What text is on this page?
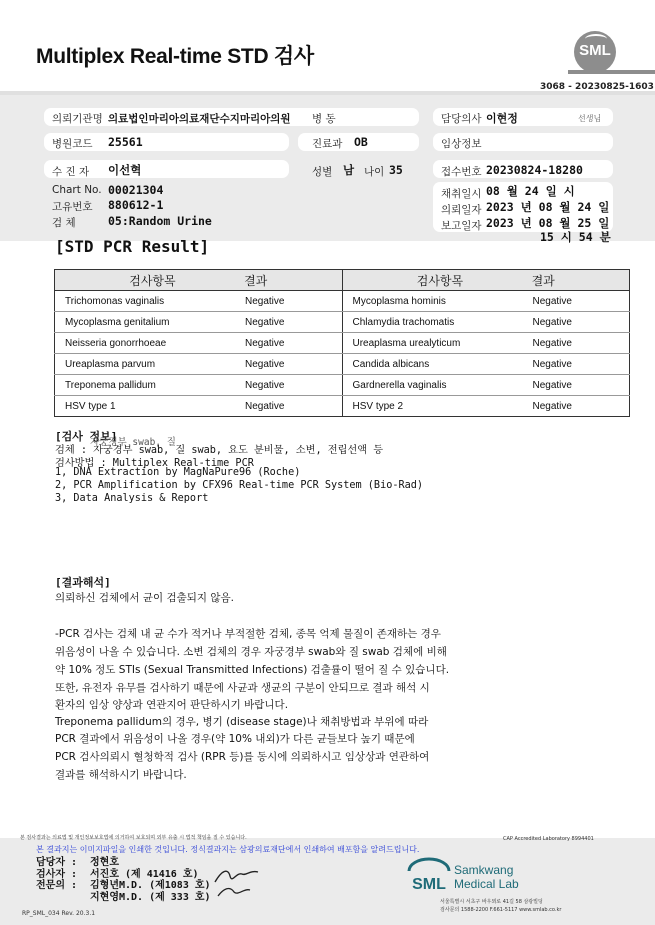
Multiplex Real-time STD 검사	SML
3068 - 20230825-1603
의뢰기관명 의료법인마리아의료재단수지마리아의원 병 동	담당의사 이현정	선생님
병원코드 25561	진료과 OB	임상정보
수 진 자 이선혁	성별 남 나이 35	접수번호 20230824-18280
Chart No. 00021304
고유번호 880612-1
검 체	05:Random Urine
채취일시 08 월 24 일 시
의뢰일자 2023 년 08 월 24 일
보고일자 2023 년 08 월 25 일
15 시 54 분
[STD PCR Result]
검사항목 결과		검사항목 결과	

Trichomonas vaginalis	Negative	Mycoplasma hominis	Negative
Mycoplasma genitalium	Negative	Chlamydia trachomatis	Negative
Neisseria gonorrhoeae	Negative	Ureaplasma urealyticum	Negative
Ureaplasma parvum	Negative	Candida albicans	Negative
Treponema pallidum	Negative	Gardnerella vaginalis	Negative
HSV type 1	Negative	HSV type 2	Negative
[검사 정보]
자궁경부 swab, 질
검체 : 자궁경부 swab, 질 swab, 요도 분비물, 소변, 전립선액 등
검사방법 : Multiplex Real-time PCR
1, DNA Extraction by MagNaPure96 (Roche)
2, PCR Amplification by CFX96 Real-time PCR System (Bio-Rad)
3, Data Analysis & Report
[결과해석]
의뢰하신 검체에서 균이 검출되지 않음.
-PCR 검사는 검체 내 균 수가 적거나 부적절한 검체, 종목 억제 물질이 존재하는 경우
위음성이 나올 수 있습니다. 소변 검체의 경우 자궁경부 swab와 질 swab 검체에 비해
약 10% 정도 STIs (Sexual Transmitted Infections) 검출률이 떨어 질 수 있습니다.
또한, 유전자 유무를 검사하기 때문에 사균과 생균의 구분이 안되므로 결과 해석 시
환자의 임상 양상과 연관지어 판단하시기 바랍니다.
Treponema pallidum의 경우, 병기 (disease stage)나 채취방법과 부위에 따라
PCR 결과에서 위음성이 나올 경우(약 10% 내외)가 다른 균들보다 높기 때문에
PCR 검사의뢰시 혈청학적 검사 (RPR 등)를 동시에 의뢰하시고 임상상과 연관하여
결과를 해석하시기 바랍니다.
본 검사결과는 의료법 및 개인정보보호법에 의거하여 보호되며 외부 유출 시 법적 책임을 질 수 있습니다.	CAP Accredited Laboratory 8994401
본 결과지는 이미지파일을 인쇄한 것입니다. 정식결과지는 삼광의료재단에서 인쇄하여 배포함을 알려드립니다.
담당자 : 정현호
검사자 : 서진호 (제 41416 호)
전문의 : 김형년M.D. (제1083 호)
지현영M.D. (제 333 호)
SML
Samkwang
Medical Lab
서울특별시 서초구 바우뫼로 41길 58 삼광빌딩
검사문의 1588-2200 F.661-5117 www.smlab.co.kr
RP_SML_034 Rev. 20.3.1
